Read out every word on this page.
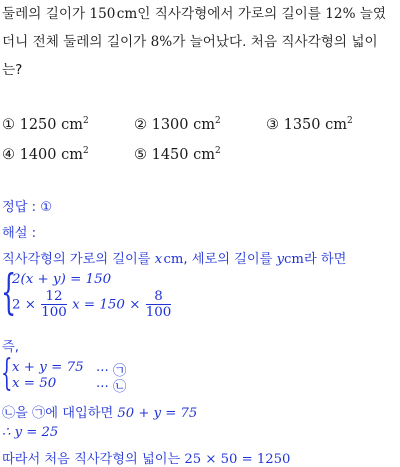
둘레의 길이가 150 cm인 직사각형에서 가로의 길이를 12% 늘였
더니 전체 둘레의 길이가 8%가 늘어났다. 처음 직사각형의 넓이
는?
① 1250 $cm^2$	② 1300 $cm^2$	③ 1350 $cm^2$
④ 1400 $cm^2$	⑤ 1450 $cm^2$
정답 : ①
해설 :
직사각형의 가로의 길이를 x cm, 세로의 길이를 ycm라 하면
{
2(x + y) = 150
$2 \times \frac{12}{100}$ $x = 150 \times \frac{8}{100}$
즉,
{ x + y = 75 ··· ㉠
x = 50	··· ㉡
㉡을 ㉠에 대입하면 50 + y = 75
∴ y = 25
따라서 처음 직사각형의 넓이는 25 × 50 = 1250
